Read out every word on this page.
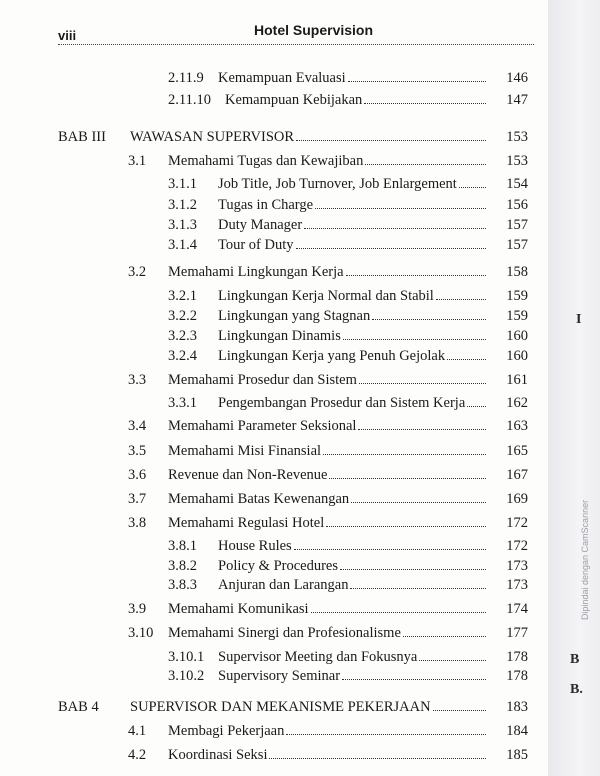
viii	Hotel Supervision
2.11.9 Kemampuan Evaluasi	146
2.11.10 Kemampuan Kebijakan	147
BAB III WAWASAN SUPERVISOR	153
3.1 Memahami Tugas dan Kewajiban	153
3.1.1 Job Title, Job Turnover, Job Enlargement	154
3.1.2 Tugas in Charge	156
3.1.3 Duty Manager	157
3.1.4 Tour of Duty	157
3.2 Memahami Lingkungan Kerja	158
3.2.1 Lingkungan Kerja Normal dan Stabil	159
3.2.2 Lingkungan yang Stagnan	159
3.2.3 Lingkungan Dinamis	160
3.2.4 Lingkungan Kerja yang Penuh Gejolak	160
3.3 Memahami Prosedur dan Sistem	161
3.3.1 Pengembangan Prosedur dan Sistem Kerja	162
3.4 Memahami Parameter Seksional	163
3.5 Memahami Misi Finansial	165
3.6 Revenue dan Non-Revenue	167
3.7 Memahami Batas Kewenangan	169
3.8 Memahami Regulasi Hotel	172
3.8.1 House Rules	172
3.8.2 Policy & Procedures	173
3.8.3 Anjuran dan Larangan	173
3.9 Memahami Komunikasi	174
3.10 Memahami Sinergi dan Profesionalisme	177
3.10.1 Supervisor Meeting dan Fokusnya	178
3.10.2 Supervisory Seminar	178
BAB 4 SUPERVISOR DAN MEKANISME PEKERJAAN	183
4.1 Membagi Pekerjaan	184
4.2 Koordinasi Seksi	185
I
B
B.
Dipindai dengan CamScanner
